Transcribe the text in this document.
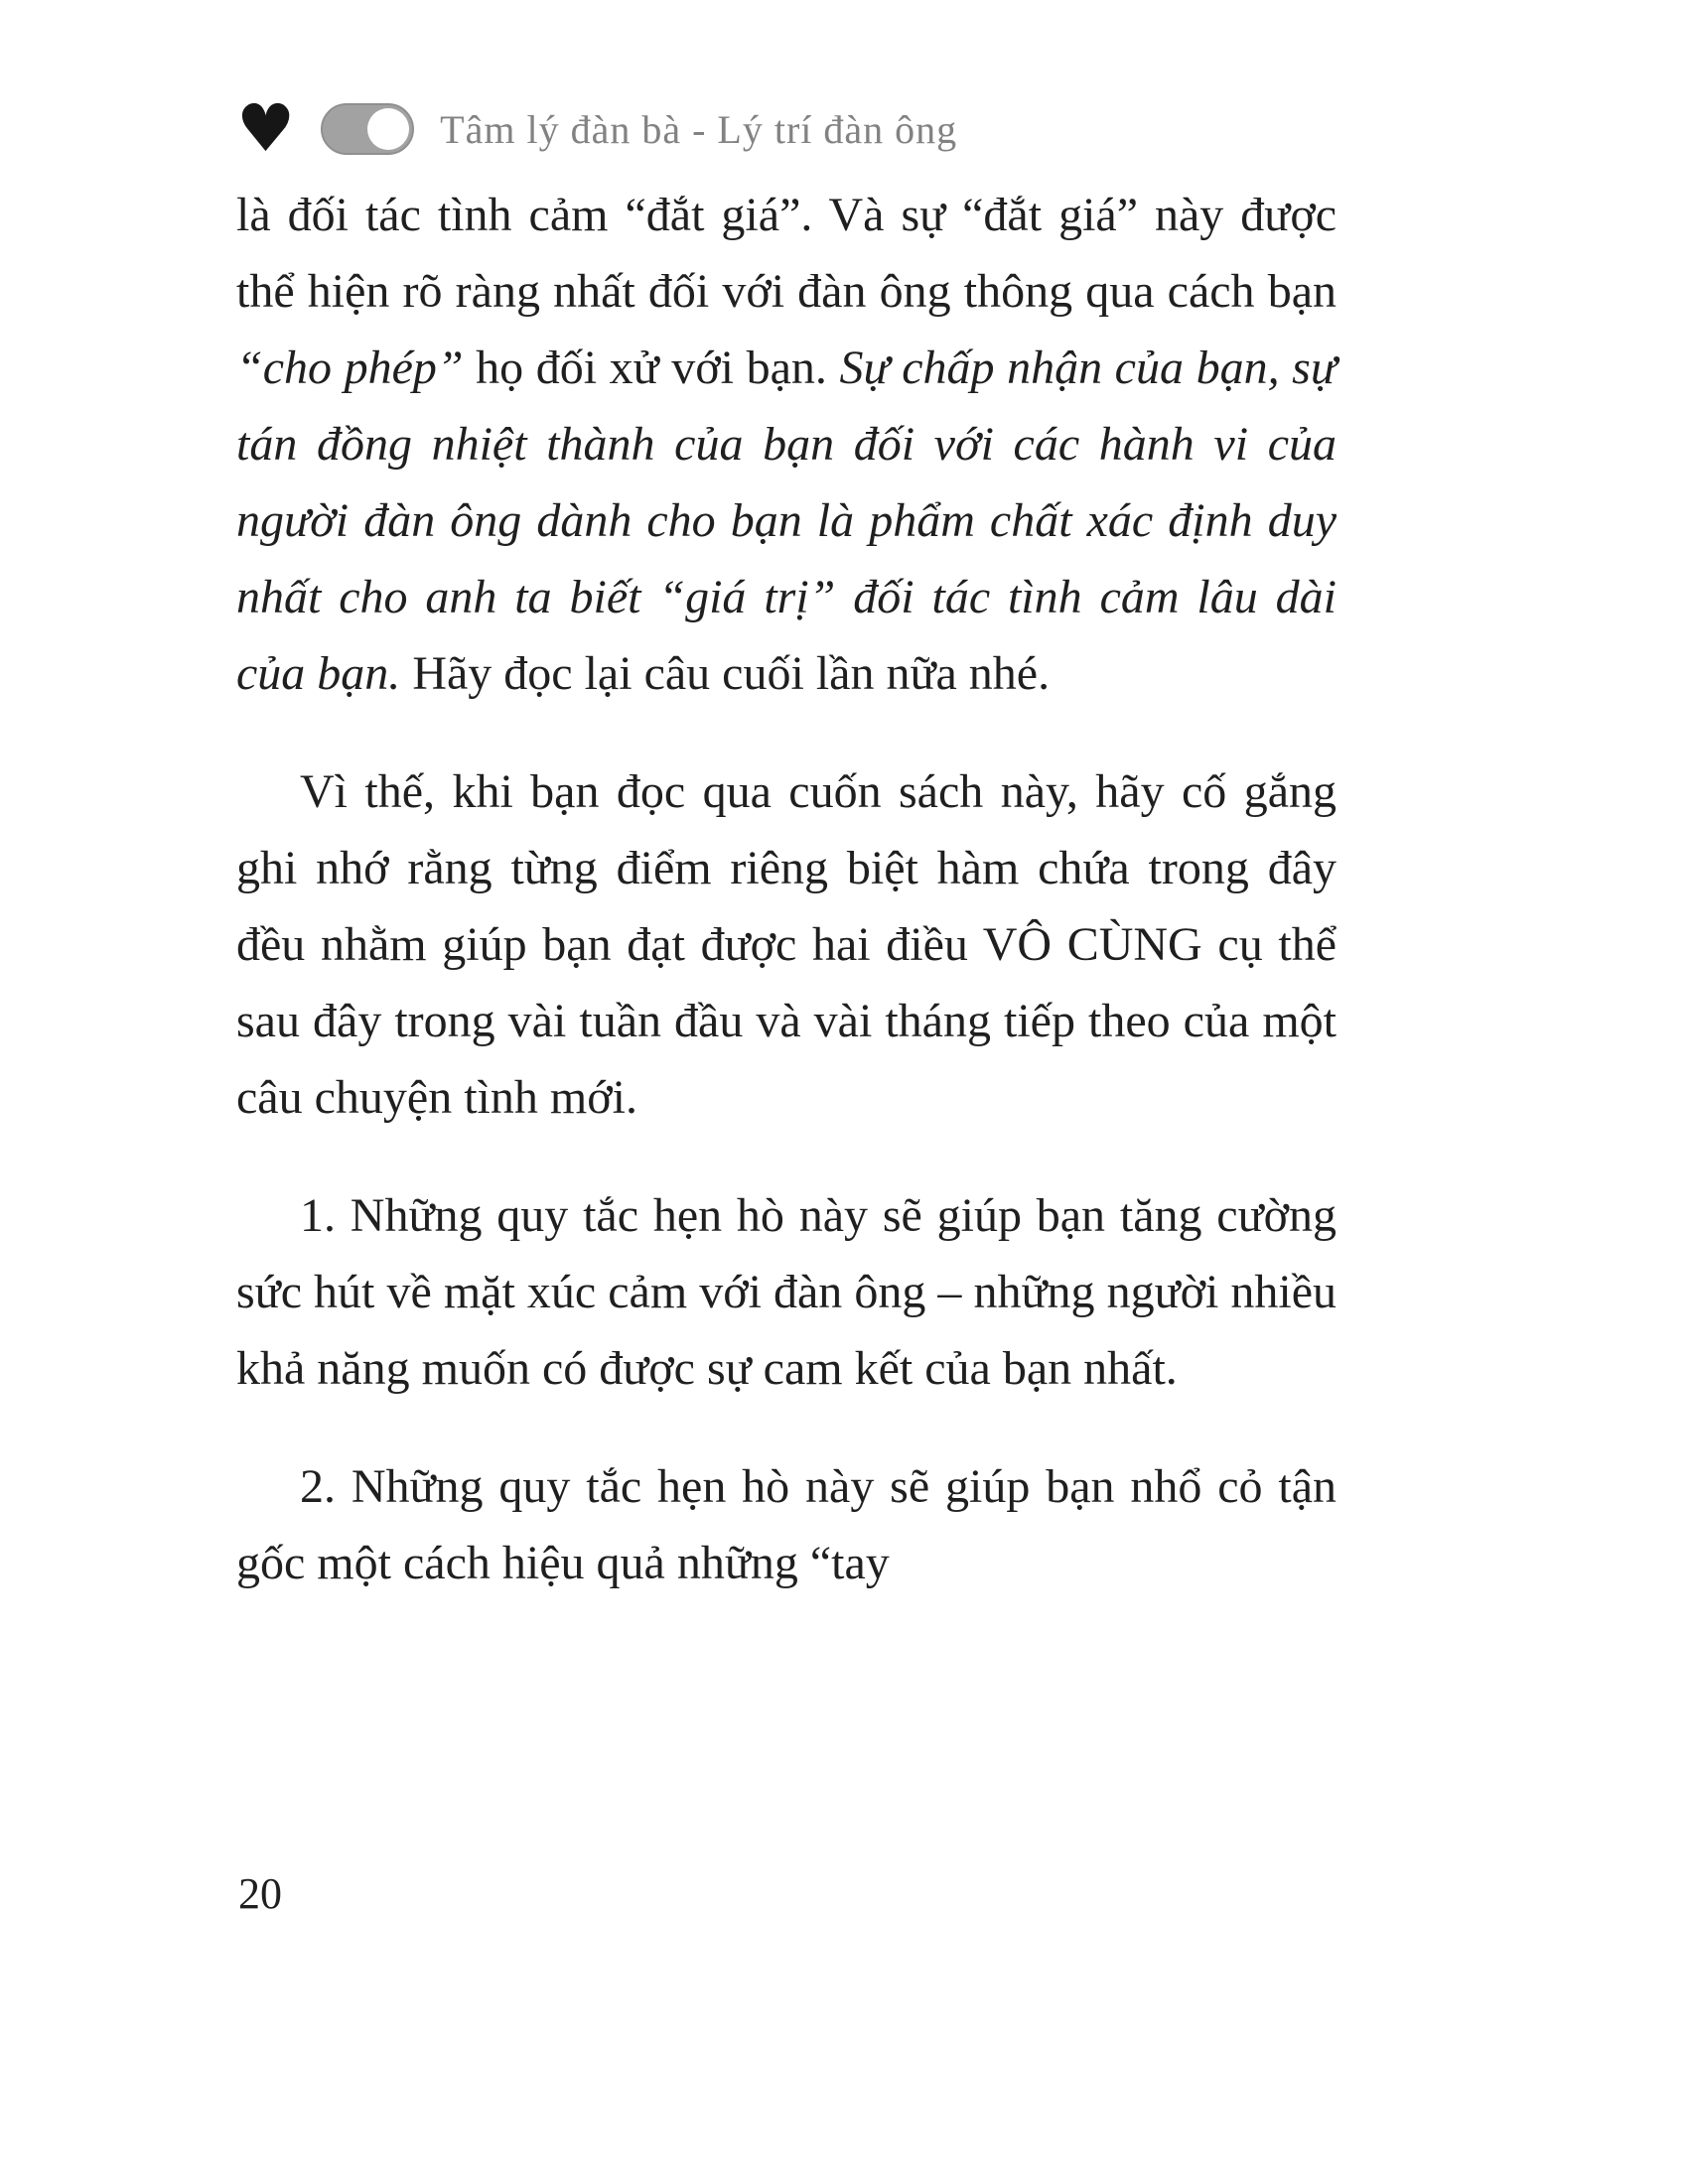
♥	Tâm lý đàn bà - Lý trí đàn ông

là đối tác tình cảm “đắt giá”. Và sự “đắt giá” này được thể hiện rõ ràng nhất đối với đàn ông thông qua cách bạn “cho phép” họ đối xử với bạn. Sự chấp nhận của bạn, sự tán đồng nhiệt thành của bạn đối với các hành vi của người đàn ông dành cho bạn là phẩm chất xác định duy nhất cho anh ta biết “giá trị” đối tác tình cảm lâu dài của bạn. Hãy đọc lại câu cuối lần nữa nhé.

Vì thế, khi bạn đọc qua cuốn sách này, hãy cố gắng ghi nhớ rằng từng điểm riêng biệt hàm chứa trong đây đều nhằm giúp bạn đạt được hai điều VÔ CÙNG cụ thể sau đây trong vài tuần đầu và vài tháng tiếp theo của một câu chuyện tình mới.

1. Những quy tắc hẹn hò này sẽ giúp bạn tăng cường sức hút về mặt xúc cảm với đàn ông – những người nhiều khả năng muốn có được sự cam kết của bạn nhất.

2. Những quy tắc hẹn hò này sẽ giúp bạn nhổ cỏ tận gốc một cách hiệu quả những “tay

20
